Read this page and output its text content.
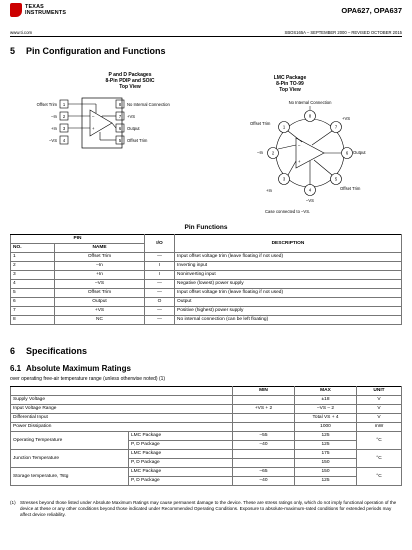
TEXAS
INSTRUMENTS	OPA627, OPA637
www.ti.com	SBOS165A – SEPTEMBER 2000 – REVISED OCTOBER 2015
5 Pin Configuration and Functions
P and D Packages
8-Pin PDIP and SOIC
Top View
1
2
3
4
8
7
6
5
Offset Trim
–In
+In
–VS
No Internal Connection
+VS
Output
Offset Trim
–
+
LMC Package
8-Pin TO-99
Top View
No Internal Connection
8
7
6
5
4
3
2
1
–
+
+VS
Offset Trim
–In	Output
+In	Offset Trim
–VS
Case connected to –VS.
Pin Functions
PIN		I/O	DESCRIPTION
NO.	NAME		
1	Offset Trim	—	Input offset voltage trim (leave floating if not used)
2	–In	I	Inverting input
3	+In	I	Noninverting input
4	–VS	—	Negative (lowest) power supply
5	Offset Trim	—	Input offset voltage trim (leave floating if not used)
6	Output	O	Output
7	+VS	—	Positive (highest) power supply
8	NC	—	No internal connection (can be left floating)
6 Specifications
6.1 Absolute Maximum Ratings
over operating free-air temperature range (unless otherwise noted) (1)
		MIN	MAX	UNIT
Supply Voltage			±18	V
Input Voltage Range		+VS + 2	–VS – 2	V
Differential Input			Total VS + 4	V
Power Dissipation			1000	mW
Operating Temperature	LMC Package	–55	125	°C
	P, D Package	–40	125	
Junction Temperature	LMC Package		175	°C
	P, D Package		150	
Storage temperature, Tstg	LMC Package	–65	150	°C
	P, D Package	–40	125	
(1) Stresses beyond those listed under Absolute Maximum Ratings may cause permanent damage to the device. These are stress ratings only, which do not imply functional operation of the device at these or any other conditions beyond those indicated under Recommended Operating Conditions. Exposure to absolute-maximum-rated conditions for extended periods may affect device reliability.
